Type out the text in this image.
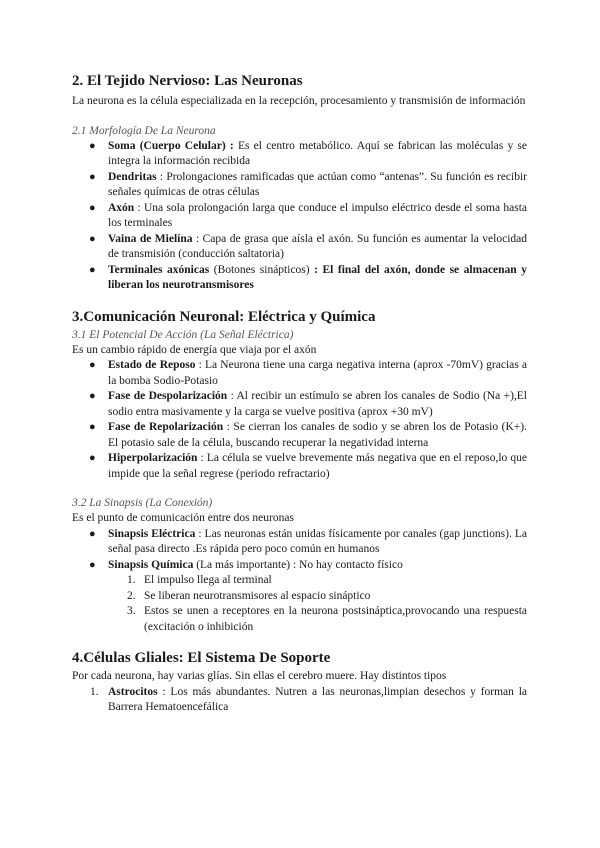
2. El Tejido Nervioso: Las Neuronas

La neurona es la célula especializada en la recepción, procesamiento y transmisión de información

2.1 Morfología De La Neurona

● Soma (Cuerpo Celular) : Es el centro metabólico. Aquí se fabrican las moléculas y se integra la información recibida
● Dendritas : Prolongaciones ramificadas que actúan como “antenas”. Su función es recibir señales químicas de otras células
● Axón : Una sola prolongación larga que conduce el impulso eléctrico desde el soma hasta los terminales
● Vaina de Mielína : Capa de grasa que aísla el axón. Su función es aumentar la velocidad de transmisión (conducción saltatoria)
● Terminales axónicas (Botones sinápticos) : El final del axón, donde se almacenan y liberan los neurotransmisores
3.Comunicación Neuronal: Eléctrica y Química

3.1 El Potencial De Acción (La Señal Eléctrica)

Es un cambio rápido de energía que viaja por el axón

● Estado de Reposo : La Neurona tiene una carga negativa interna (aprox -70mV) gracias a la bomba Sodio-Potasio
● Fase de Despolarización : Al recibir un estímulo se abren los canales de Sodio (Na +),El sodio entra masivamente y la carga se vuelve positiva (aprox +30 mV)
● Fase de Repolarización : Se cierran los canales de sodio y se abren los de Potasio (K+). El potasio sale de la célula, buscando recuperar la negatividad interna
● Hiperpolarización : La célula se vuelve brevemente más negativa que en el reposo,lo que impide que la señal regrese (periodo refractario)

3.2 La Sinapsis (La Conexión)

Es el punto de comunicación entre dos neuronas

● Sinapsis Eléctrica : Las neuronas están unidas físicamente por canales (gap junctions). La señal pasa directo .Es rápida pero poco común en humanos
● Sinapsis Química (La más importante) : No hay contacto físico
1. El impulso llega al terminal
2. Se liberan neurotransmisores al espacio sináptico
3. Estos se unen a receptores en la neurona postsináptica,provocando una respuesta (excitación o inhibición
4.Células Gliales: El Sistema De Soporte

Por cada neurona, hay varias glías. Sin ellas el cerebro muere. Hay distintos tipos

1. Astrocitos : Los más abundantes. Nutren a las neuronas,limpian desechos y forman la Barrera Hematoencefálica
